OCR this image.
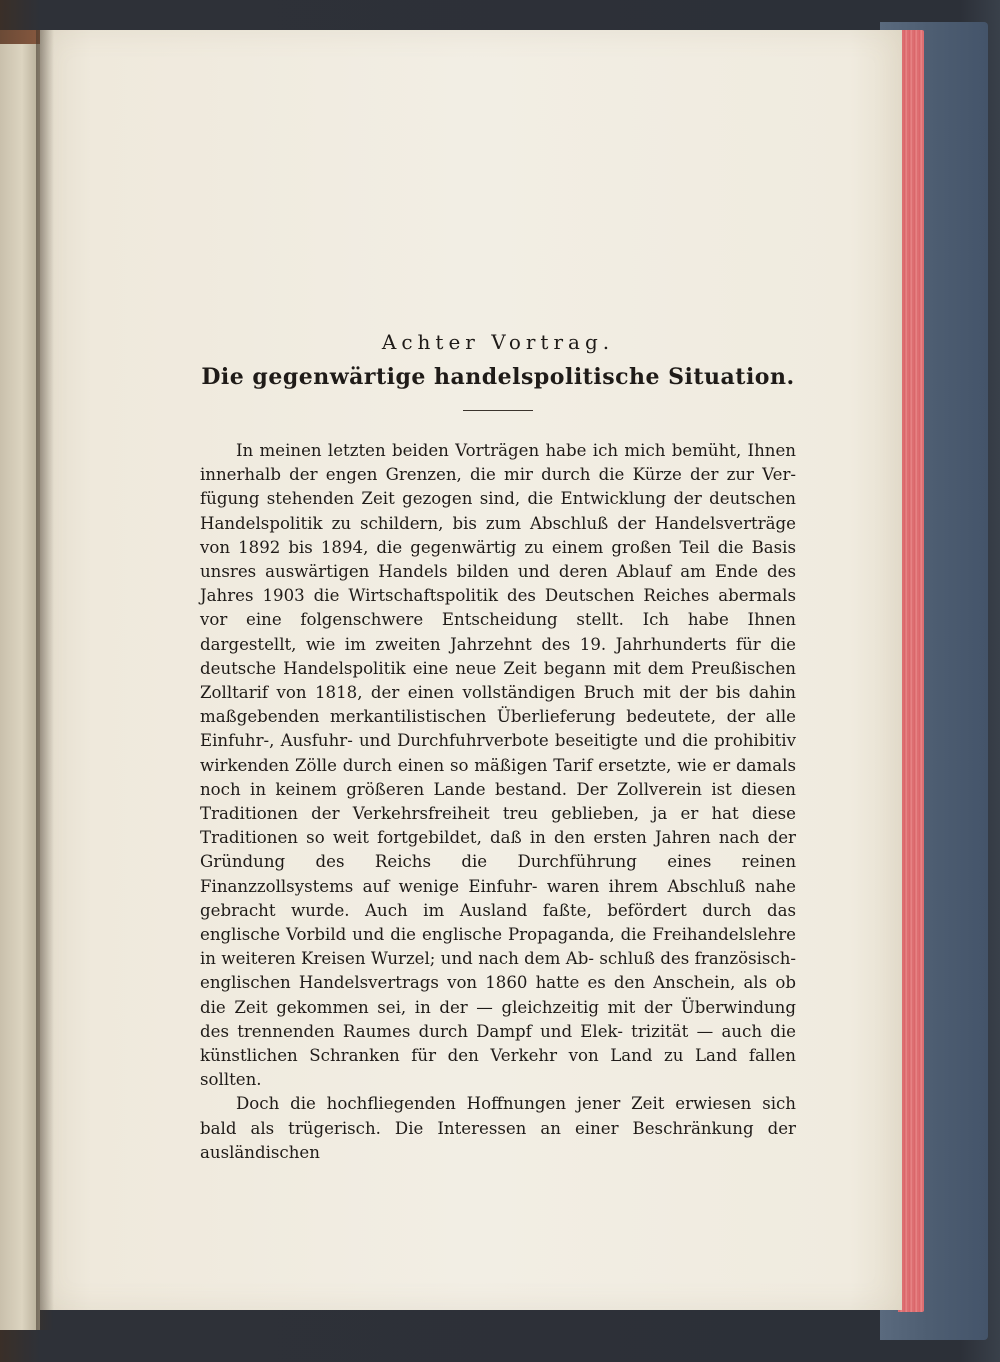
Achter Vortrag.
Die gegenwärtige handelspolitische Situation.

In meinen letzten beiden Vorträgen habe ich mich bemüht, Ihnen innerhalb der engen Grenzen, die mir durch die Kürze der zur Ver- fügung stehenden Zeit gezogen sind, die Entwicklung der deutschen Handelspolitik zu schildern, bis zum Abschluß der Handelsverträge von 1892 bis 1894, die gegenwärtig zu einem großen Teil die Basis unsres auswärtigen Handels bilden und deren Ablauf am Ende des Jahres 1903 die Wirtschaftspolitik des Deutschen Reiches abermals vor eine folgenschwere Entscheidung stellt. Ich habe Ihnen dargestellt, wie im zweiten Jahrzehnt des 19. Jahrhunderts für die deutsche Handelspolitik eine neue Zeit begann mit dem Preußischen Zolltarif von 1818, der einen vollständigen Bruch mit der bis dahin maßgebenden merkantilistischen Überlieferung bedeutete, der alle Einfuhr-, Ausfuhr- und Durchfuhrverbote beseitigte und die prohibitiv wirkenden Zölle durch einen so mäßigen Tarif ersetzte, wie er damals noch in keinem größeren Lande bestand. Der Zollverein ist diesen Traditionen der Verkehrsfreiheit treu geblieben, ja er hat diese Traditionen so weit fortgebildet, daß in den ersten Jahren nach der Gründung des Reichs die Durchführung eines reinen Finanzzollsystems auf wenige Einfuhr- waren ihrem Abschluß nahe gebracht wurde. Auch im Ausland faßte, befördert durch das englische Vorbild und die englische Propaganda, die Freihandelslehre in weiteren Kreisen Wurzel; und nach dem Ab- schluß des französisch-englischen Handelsvertrags von 1860 hatte es den Anschein, als ob die Zeit gekommen sei, in der — gleichzeitig mit der Überwindung des trennenden Raumes durch Dampf und Elek- trizität — auch die künstlichen Schranken für den Verkehr von Land zu Land fallen sollten.

Doch die hochfliegenden Hoffnungen jener Zeit erwiesen sich bald als trügerisch. Die Interessen an einer Beschränkung der ausländischen
